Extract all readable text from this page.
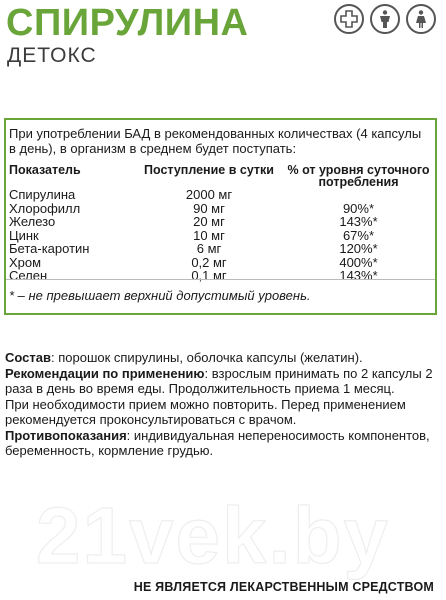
СПИРУЛИНА
ДЕТОКС
При употреблении БАД в рекомендованных количествах (4 капсулы в день), в организм в среднем будет поступать:
Показатель	Поступление в сутки	% от уровня суточного потребления
Спирулина	2000 мг	
Хлорофилл	90 мг	90%*
Железо	20 мг	143%*
Цинк	10 мг	67%*
Бета-каротин	6 мг	120%*
Хром	0,2 мг	400%*
Селен	0,1 мг	143%*
* – не превышает верхний допустимый уровень.

Состав: порошок спирулины, оболочка капсулы (желатин).

Рекомендации по применению: взрослым принимать по 2 капсулы 2 раза в день во время еды. Продолжительность приема 1 месяц.

При необходимости прием можно повторить. Перед применением рекомендуется проконсультироваться с врачом.

Противопоказания: индивидуальная непереносимость компонентов, беременность, кормление грудью.

21vek.by
НЕ ЯВЛЯЕТСЯ ЛЕКАРСТВЕННЫМ СРЕДСТВОМ
